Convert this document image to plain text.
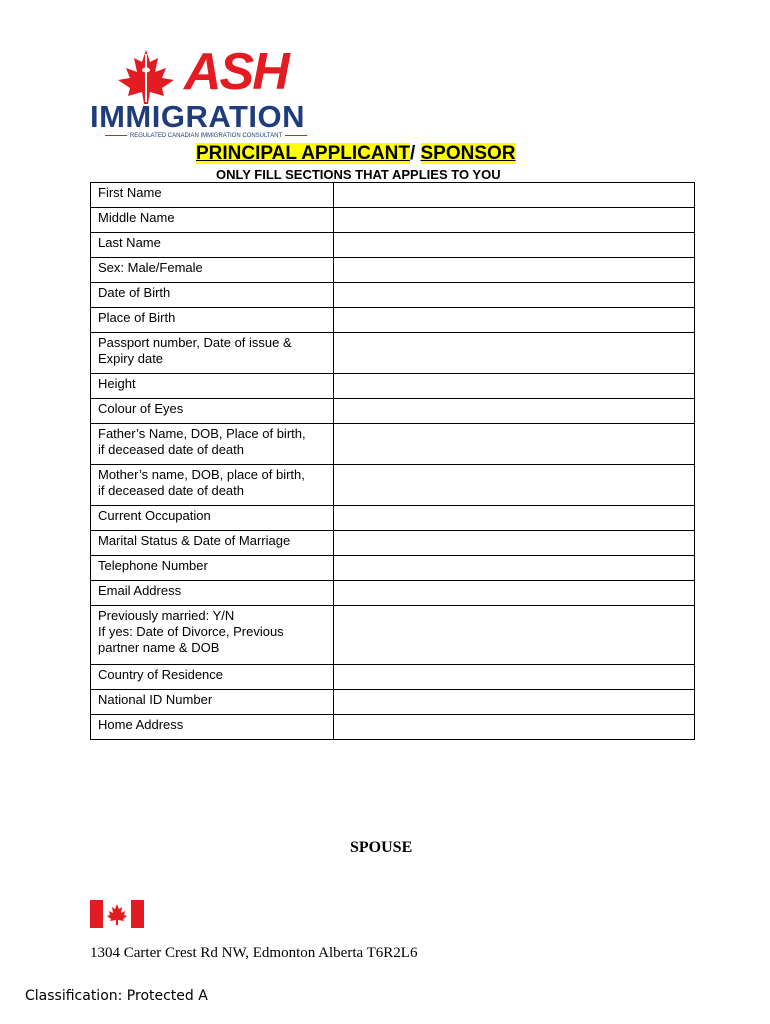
ASH
IMMIGRATION
REGULATED CANADIAN IMMIGRATION CONSULTANT
PRINCIPAL APPLICANT/ SPONSOR
ONLY FILL SECTIONS THAT APPLIES TO YOU
First Name	
Middle Name	
Last Name	
Sex: Male/Female	
Date of Birth	
Place of Birth	
Passport number, Date of issue &
Expiry date	
Height	
Colour of Eyes	
Father’s Name, DOB, Place of birth,
if deceased date of death	
Mother’s name, DOB, place of birth,
if deceased date of death	
Current Occupation	
Marital Status & Date of Marriage	
Telephone Number	
Email Address	
Previously married: Y/N
If yes: Date of Divorce, Previous
partner name & DOB	
Country of Residence	
National ID Number	
Home Address	
SPOUSE
1304 Carter Crest Rd NW, Edmonton Alberta T6R2L6
Classification: Protected A
